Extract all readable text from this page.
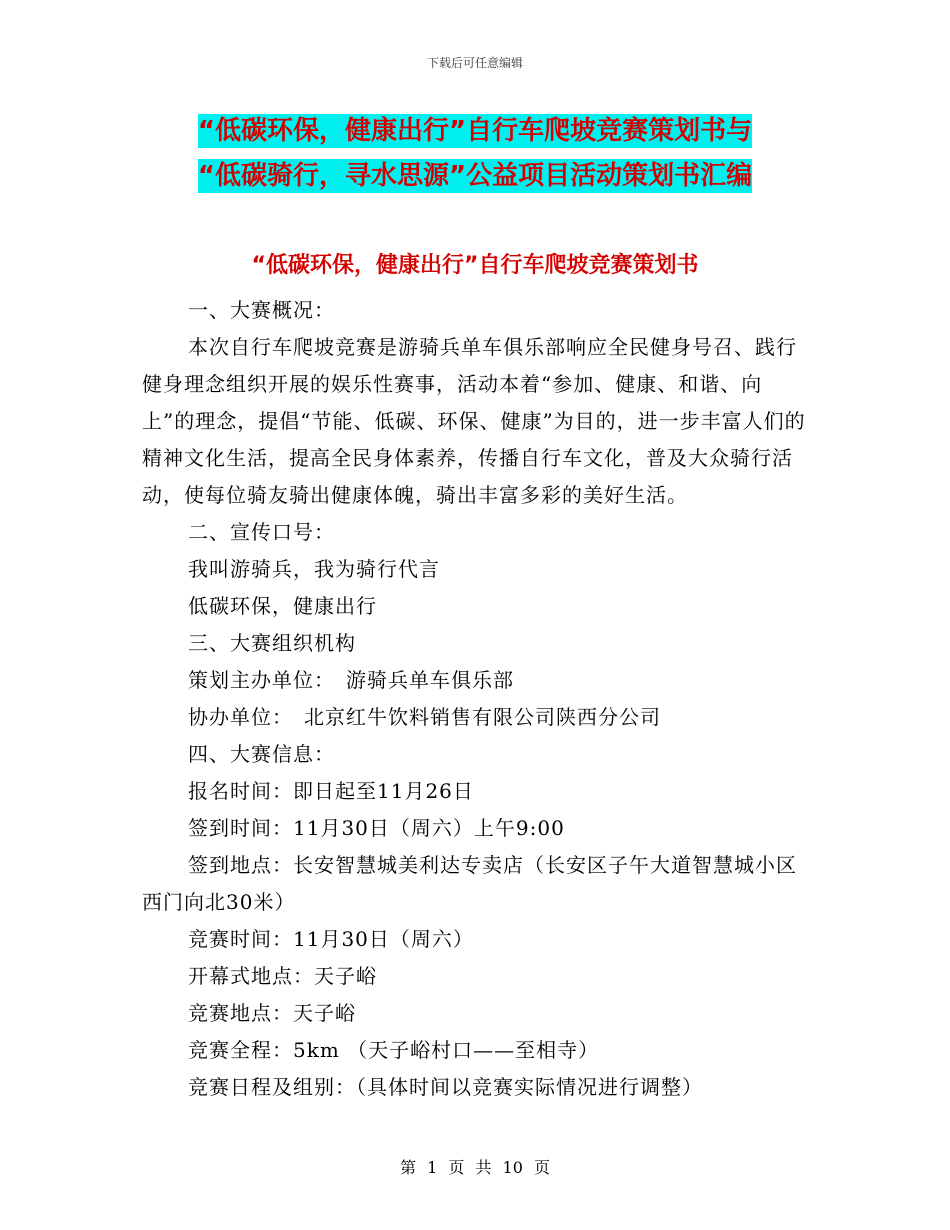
下载后可任意编辑
“低碳环保，健康出行”自行车爬坡竞赛策划书与
“低碳骑行，寻水思源”公益项目活动策划书汇编
“低碳环保，健康出行”自行车爬坡竞赛策划书

一、大赛概况：

本次自行车爬坡竞赛是游骑兵单车俱乐部响应全民健身号召、践行健身理念组织开展的娱乐性赛事，活动本着“参加、健康、和谐、向上”的理念，提倡“节能、低碳、环保、健康”为目的，进一步丰富人们的精神文化生活，提高全民身体素养，传播自行车文化，普及大众骑行活动，使每位骑友骑出健康体魄，骑出丰富多彩的美好生活。

二、宣传口号：

我叫游骑兵，我为骑行代言

低碳环保，健康出行

三、大赛组织机构

策划主办单位：　游骑兵单车俱乐部

协办单位：　北京红牛饮料销售有限公司陕西分公司

四、大赛信息：

报名时间：即日起至11月26日

签到时间：11月30日（周六）上午9:00

签到地点：长安智慧城美利达专卖店（长安区子午大道智慧城小区西门向北30米）

竞赛时间：11月30日（周六）

开幕式地点：天子峪

竞赛地点：天子峪

竞赛全程：5km （天子峪村口——至相寺）

竞赛日程及组别：（具体时间以竞赛实际情况进行调整）

第 1 页 共 10 页
